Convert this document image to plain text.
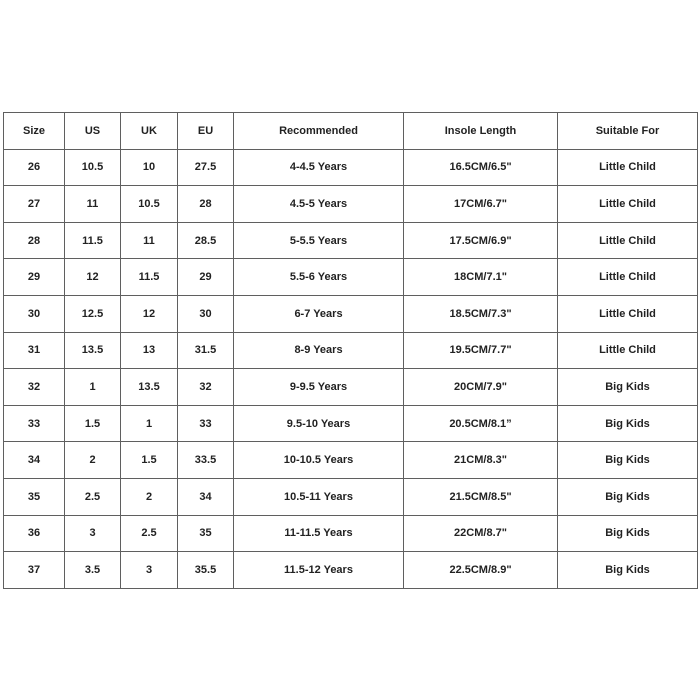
Size	US	UK	EU	Recommended	Insole Length	Suitable For
26	10.5	10	27.5	4-4.5 Years	16.5CM/6.5"	Little Child
27	11	10.5	28	4.5-5 Years	17CM/6.7"	Little Child
28	11.5	11	28.5	5-5.5 Years	17.5CM/6.9"	Little Child
29	12	11.5	29	5.5-6 Years	18CM/7.1"	Little Child
30	12.5	12	30	6-7 Years	18.5CM/7.3"	Little Child
31	13.5	13	31.5	8-9 Years	19.5CM/7.7"	Little Child
32	1	13.5	32	9-9.5 Years	20CM/7.9"	Big Kids
33	1.5	1	33	9.5-10 Years	20.5CM/8.1”	Big Kids
34	2	1.5	33.5	10-10.5 Years	21CM/8.3"	Big Kids
35	2.5	2	34	10.5-11 Years	21.5CM/8.5"	Big Kids
36	3	2.5	35	11-11.5 Years	22CM/8.7"	Big Kids
37	3.5	3	35.5	11.5-12 Years	22.5CM/8.9"	Big Kids
